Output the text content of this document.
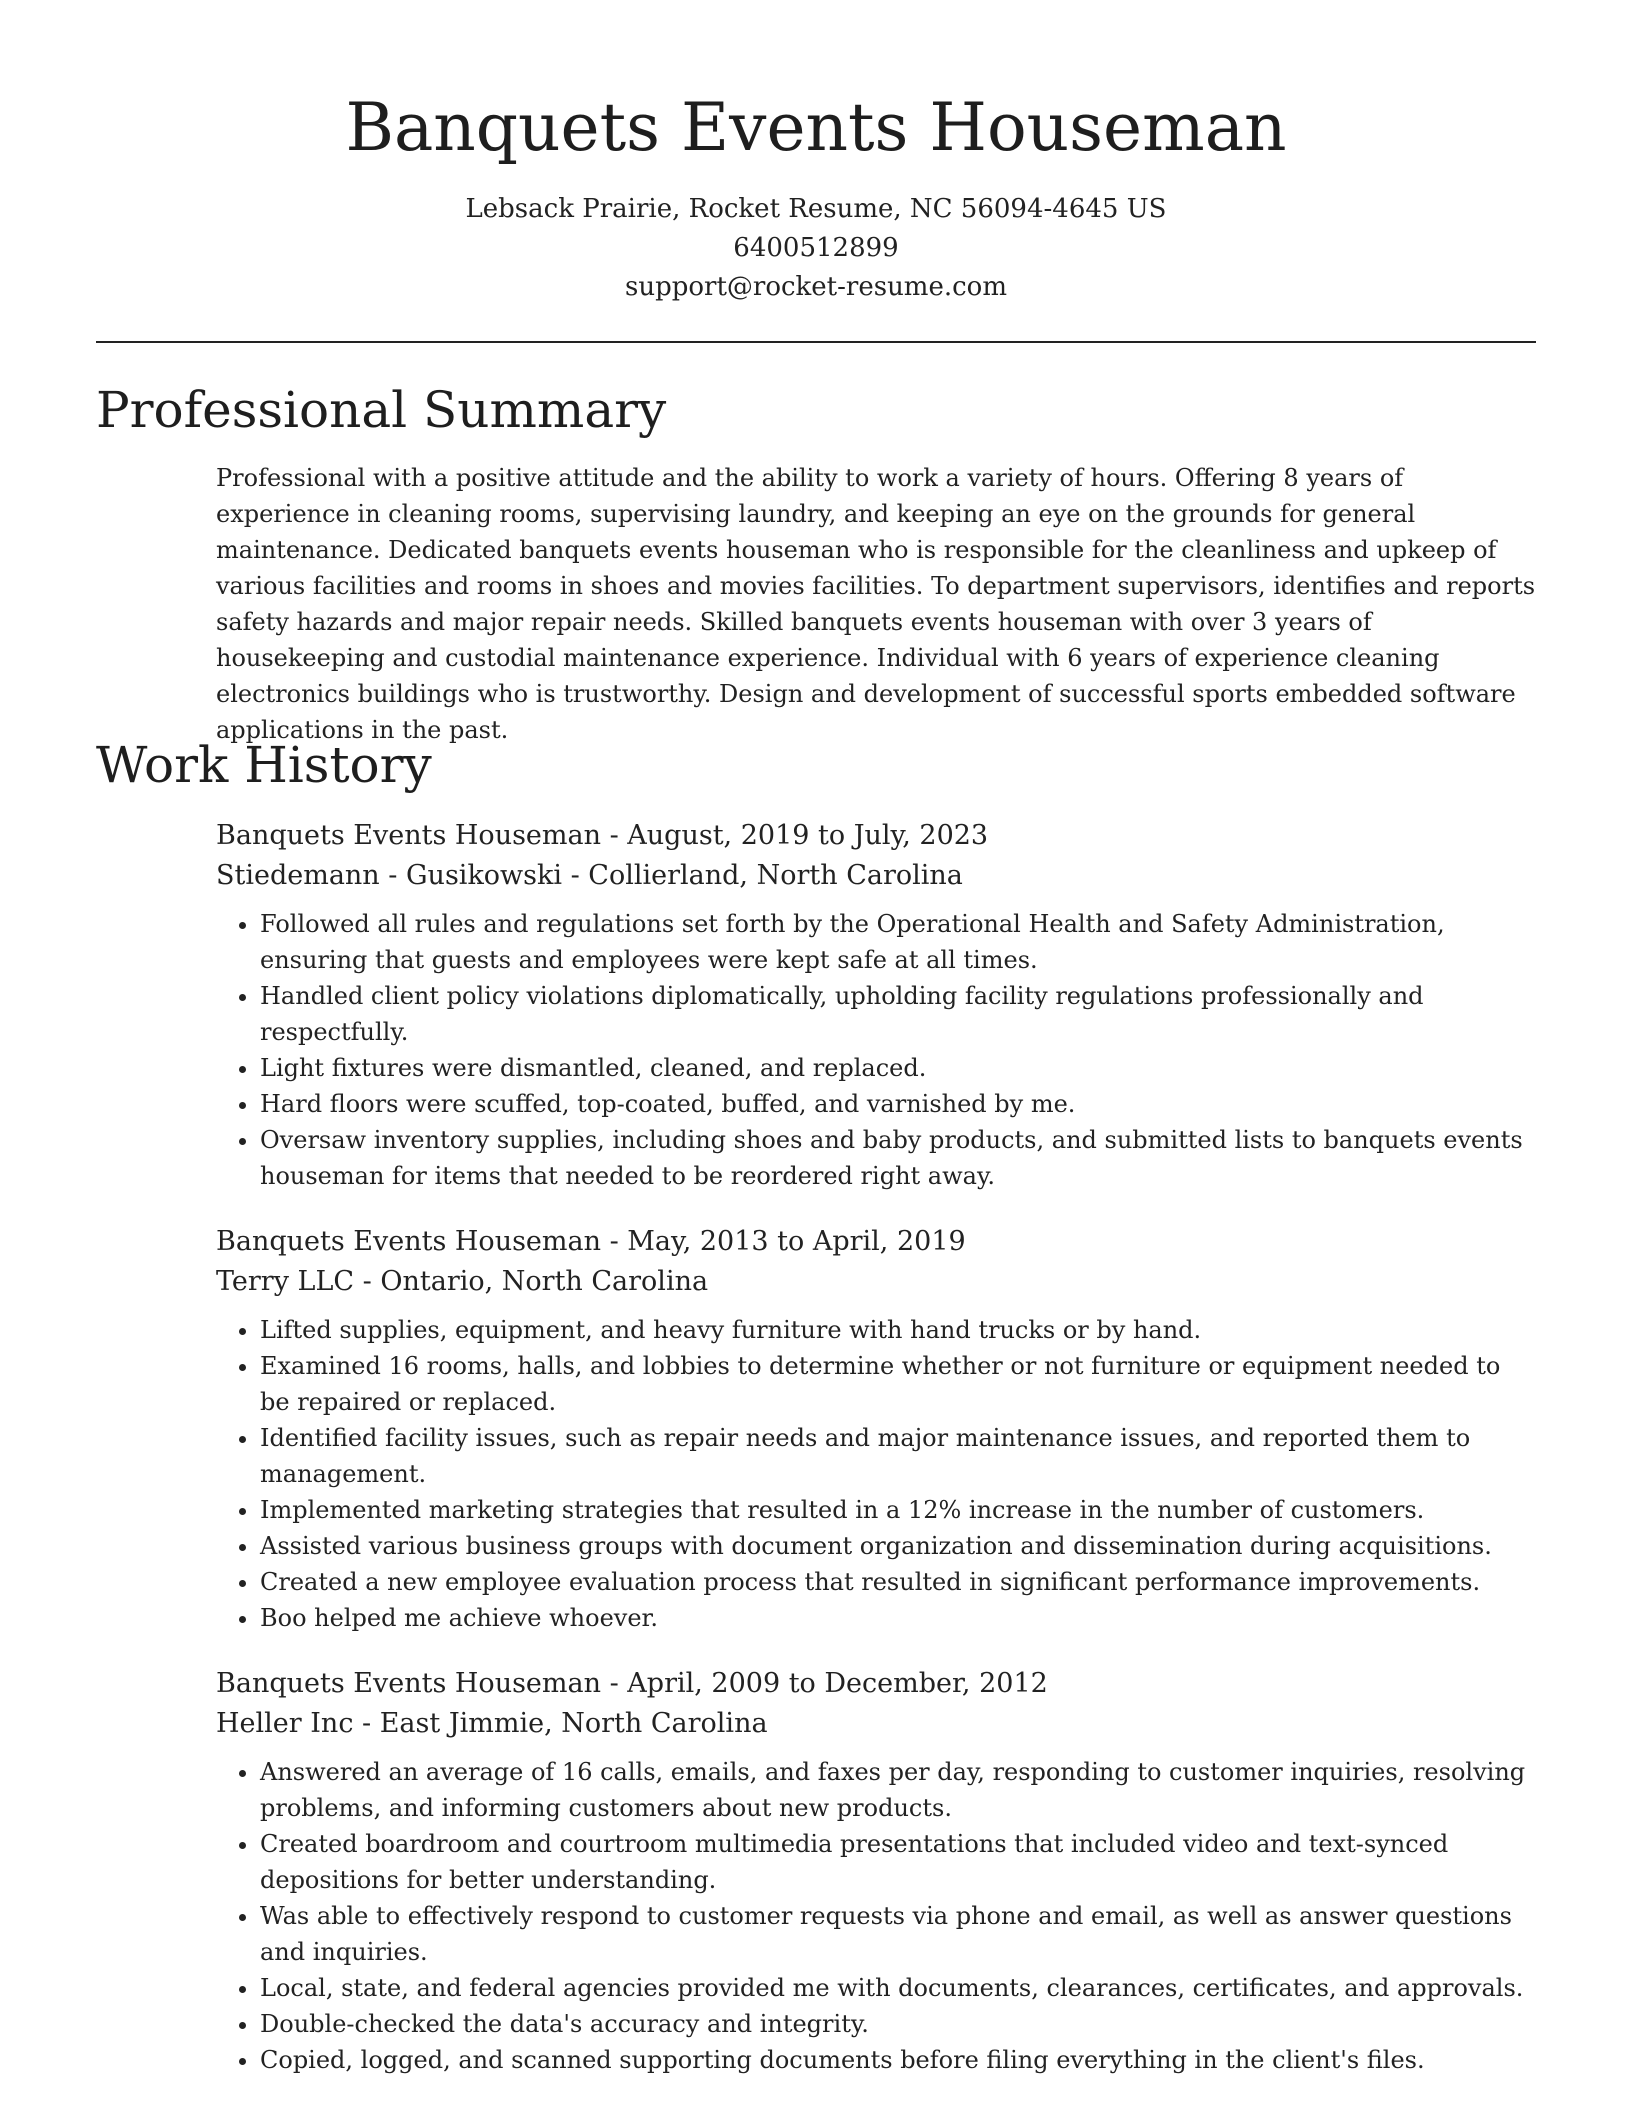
Banquets Events Houseman
Lebsack Prairie, Rocket Resume, NC 56094-4645 US
6400512899
support@rocket-resume.com
Professional Summary

Professional with a positive attitude and the ability to work a variety of hours. Offering 8 years of experience in cleaning rooms, supervising laundry, and keeping an eye on the grounds for general maintenance. Dedicated banquets events houseman who is responsible for the cleanliness and upkeep of various facilities and rooms in shoes and movies facilities. To department supervisors, identifies and reports safety hazards and major repair needs. Skilled banquets events houseman with over 3 years of housekeeping and custodial maintenance experience. Individual with 6 years of experience cleaning electronics buildings who is trustworthy. Design and development of successful sports embedded software applications in the past.

Work History
Banquets Events Houseman - August, 2019 to July, 2023
Stiedemann - Gusikowski - Collierland, North Carolina
• Followed all rules and regulations set forth by the Operational Health and Safety Administration, ensuring that guests and employees were kept safe at all times.
• Handled client policy violations diplomatically, upholding facility regulations professionally and respectfully.
• Light fixtures were dismantled, cleaned, and replaced.
• Hard floors were scuffed, top-coated, buffed, and varnished by me.
• Oversaw inventory supplies, including shoes and baby products, and submitted lists to banquets events houseman for items that needed to be reordered right away.
Banquets Events Houseman - May, 2013 to April, 2019
Terry LLC - Ontario, North Carolina
• Lifted supplies, equipment, and heavy furniture with hand trucks or by hand.
• Examined 16 rooms, halls, and lobbies to determine whether or not furniture or equipment needed to be repaired or replaced.
• Identified facility issues, such as repair needs and major maintenance issues, and reported them to management.
• Implemented marketing strategies that resulted in a 12% increase in the number of customers.
• Assisted various business groups with document organization and dissemination during acquisitions.
• Created a new employee evaluation process that resulted in significant performance improvements.
• Boo helped me achieve whoever.
Banquets Events Houseman - April, 2009 to December, 2012
Heller Inc - East Jimmie, North Carolina
• Answered an average of 16 calls, emails, and faxes per day, responding to customer inquiries, resolving problems, and informing customers about new products.
• Created boardroom and courtroom multimedia presentations that included video and text-synced depositions for better understanding.
• Was able to effectively respond to customer requests via phone and email, as well as answer questions and inquiries.
• Local, state, and federal agencies provided me with documents, clearances, certificates, and approvals.
• Double-checked the data's accuracy and integrity.
• Copied, logged, and scanned supporting documents before filing everything in the client's files.
